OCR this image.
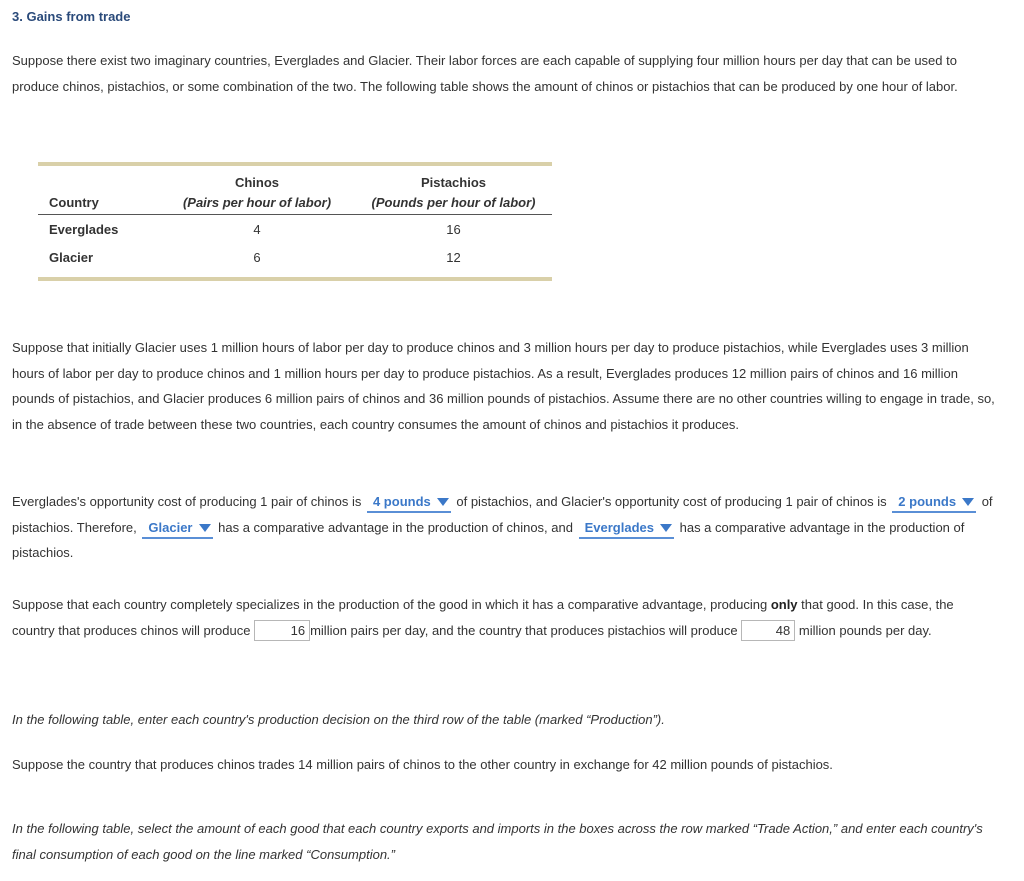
3. Gains from trade

Suppose there exist two imaginary countries, Everglades and Glacier. Their labor forces are each capable of supplying four million hours per day that can be used to produce chinos, pistachios, or some combination of the two. The following table shows the amount of chinos or pistachios that can be produced by one hour of labor.

	Chinos	Pistachios
Country	(Pairs per hour of labor)	(Pounds per hour of labor)
Everglades	4	16
Glacier	6	12

Suppose that initially Glacier uses 1 million hours of labor per day to produce chinos and 3 million hours per day to produce pistachios, while Everglades uses 3 million hours of labor per day to produce chinos and 1 million hours per day to produce pistachios. As a result, Everglades produces 12 million pairs of chinos and 16 million pounds of pistachios, and Glacier produces 6 million pairs of chinos and 36 million pounds of pistachios. Assume there are no other countries willing to engage in trade, so, in the absence of trade between these two countries, each country consumes the amount of chinos and pistachios it produces.

Everglades's opportunity cost of producing 1 pair of chinos is 4 pounds of pistachios, and Glacier's opportunity cost of producing 1 pair of chinos is 2 pounds of pistachios. Therefore, Glacier has a comparative advantage in the production of chinos, and Everglades has a comparative advantage in the production of pistachios.

Suppose that each country completely specializes in the production of the good in which it has a comparative advantage, producing only that good. In this case, the country that produces chinos will produce	16 million pairs per day, and the country that produces pistachios will produce	48 million pounds per day.

In the following table, enter each country's production decision on the third row of the table (marked “Production”).

Suppose the country that produces chinos trades 14 million pairs of chinos to the other country in exchange for 42 million pounds of pistachios.

In the following table, select the amount of each good that each country exports and imports in the boxes across the row marked “Trade Action,” and enter each country's final consumption of each good on the line marked “Consumption.”
